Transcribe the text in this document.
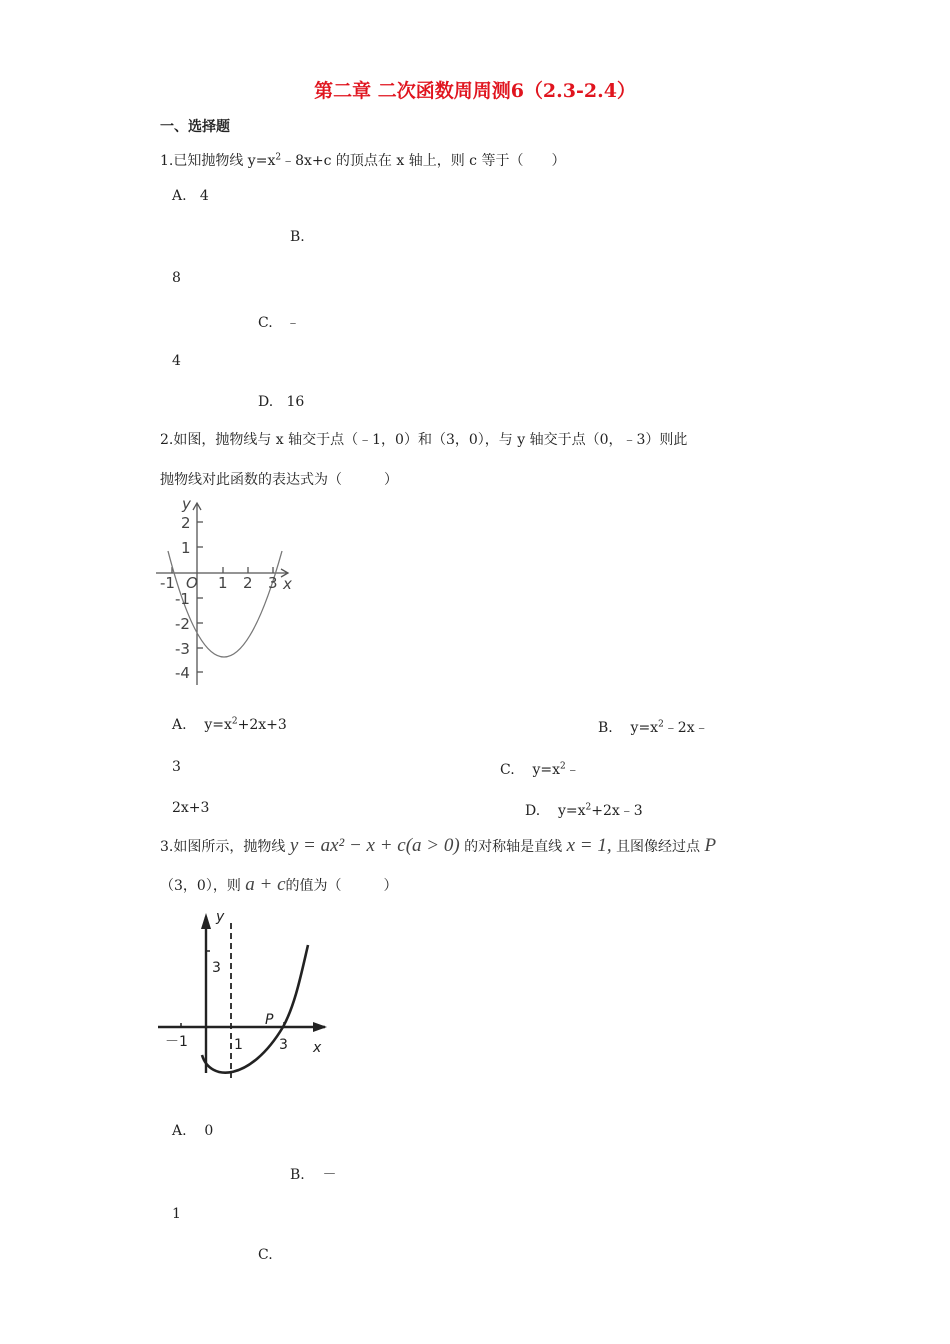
第二章 二次函数周周测6（2.3-2.4）
一、选择题
1.已知抛物线 $y=x^2﹣8x+c$ 的顶点在 x 轴上，则 c 等于（　　）
A.   4
B.
8
C.   ﹣
4
D.   16
2.如图，抛物线与 x 轴交于点（﹣1，0）和（3，0），与 y 轴交于点（0，﹣3）则此
抛物线对此函数的表达式为（　　　）
y
x
O
-1	1 2 3
2
1
-1
-2
-3
-4
A.    $y=x^2+2x+3$	B.    $y=x^2﹣2x﹣$
3	C.    $y=x^2﹣$
2x+3	D.    $y=x^2+2x﹣3$
3.如图所示，抛物线 y = ax² − x + c(a > 0) 的对称轴是直线 x = 1, 且图像经过点 P
（3，0），则 a + c的值为（　　　）
y
x
P
－1	1	3
3
A.    0
B.    －
1
C.
